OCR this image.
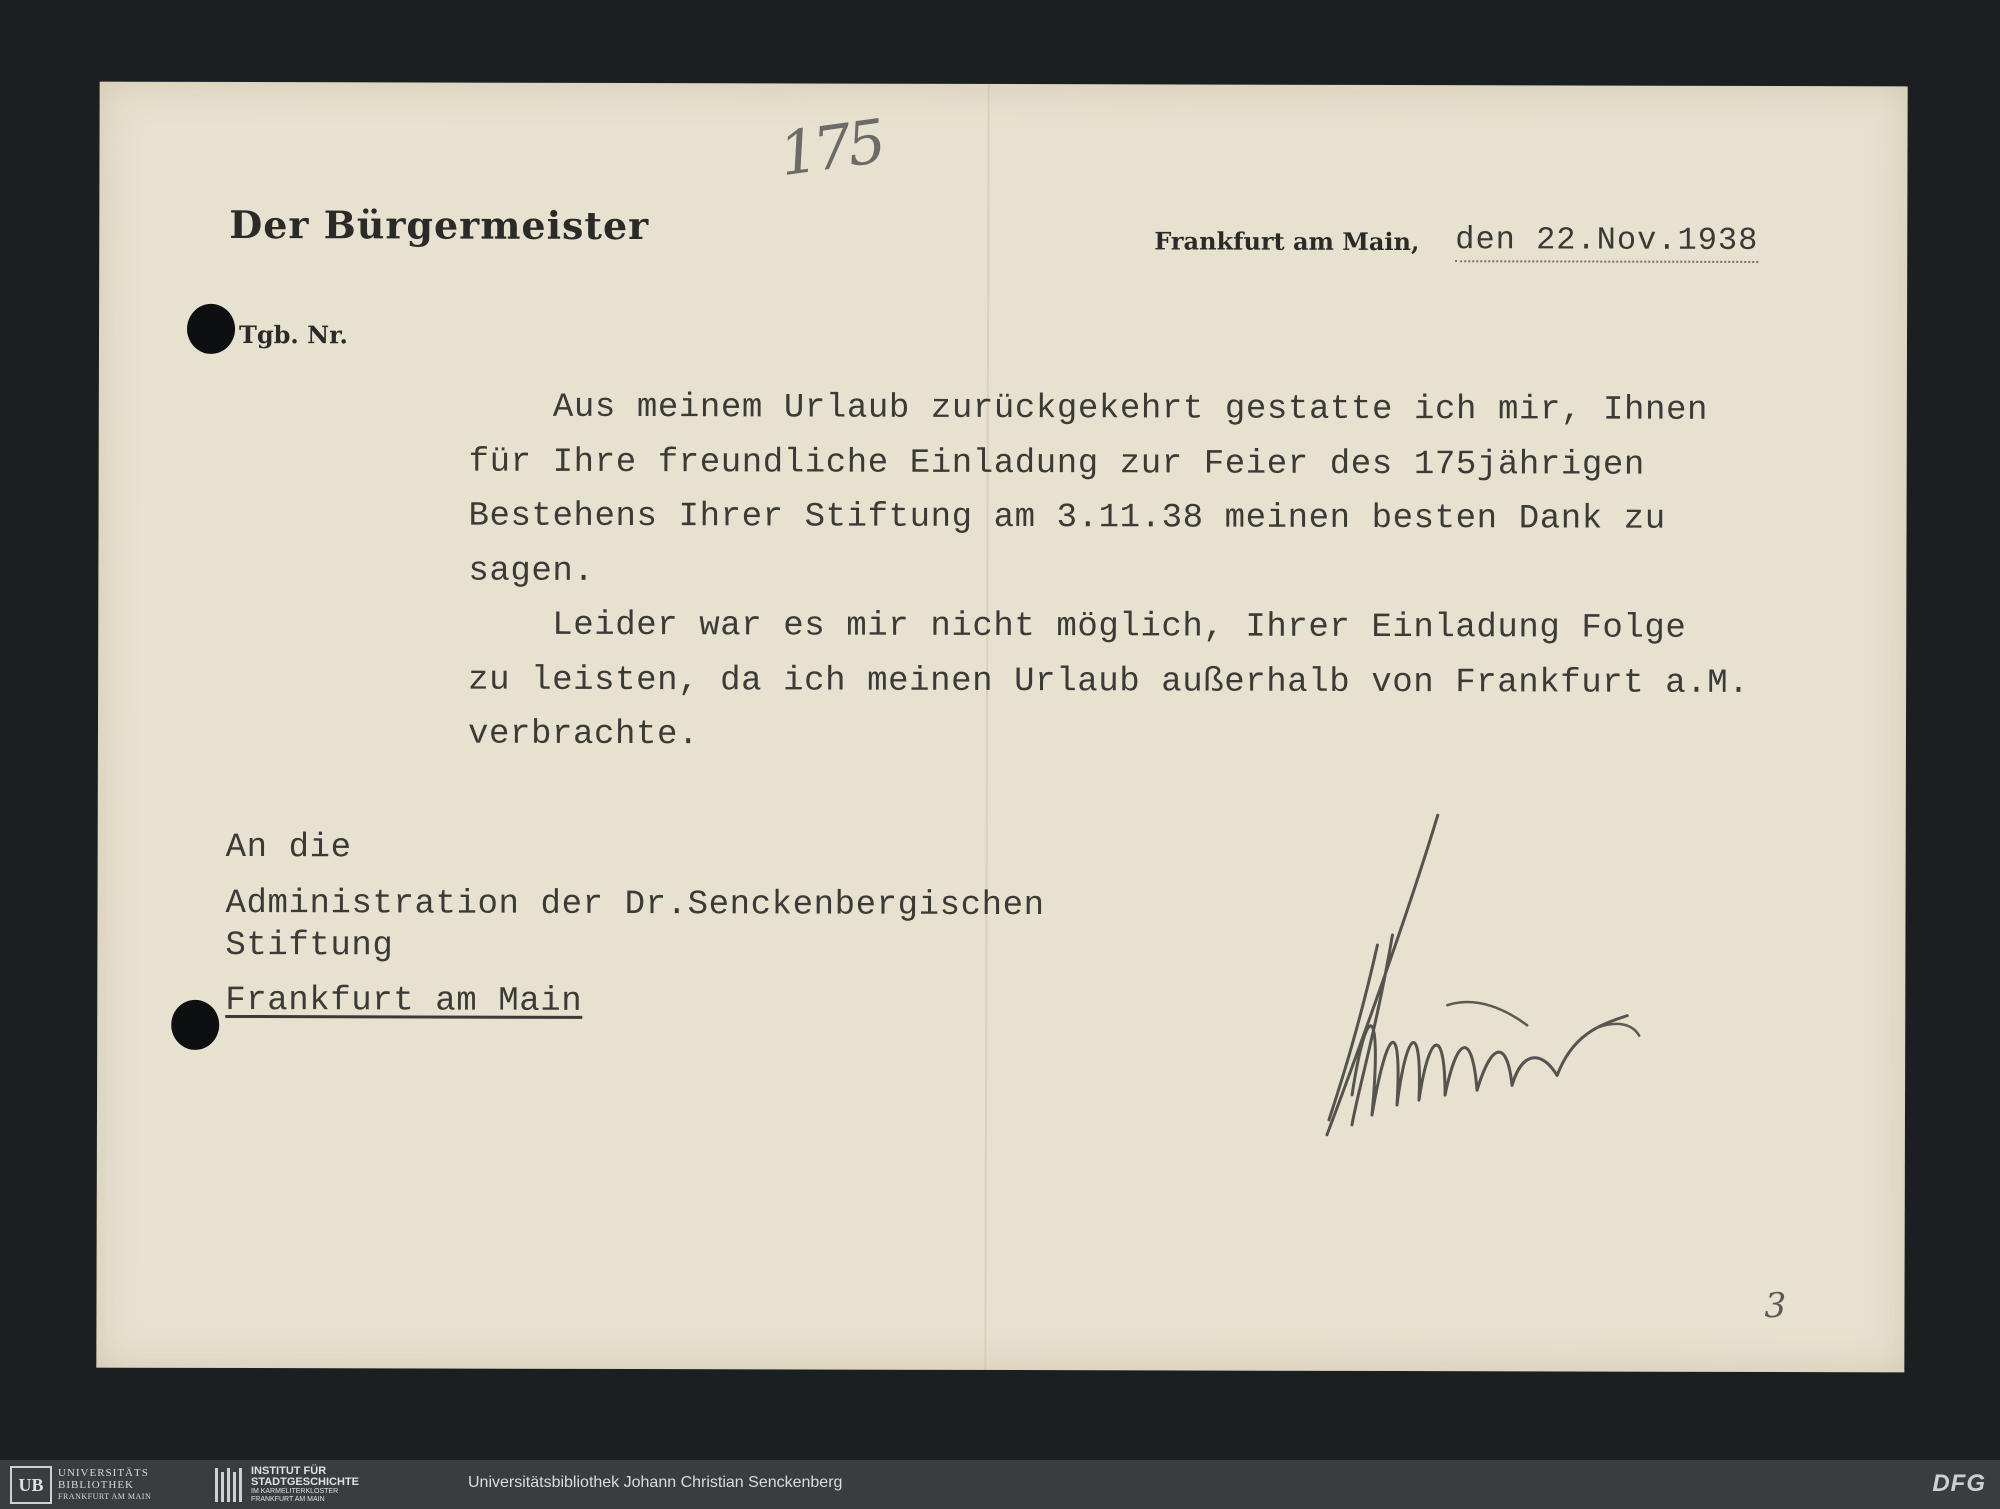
175
Der Bürgermeister	Frankfurt am Main, den 22.Nov.1938
Tgb. Nr.

Aus meinem Urlaub zurückgekehrt gestatte ich mir, Ihnen

für Ihre freundliche Einladung zur Feier des 175jährigen

Bestehens Ihrer Stiftung am 3.11.38 meinen besten Dank zu

sagen.

Leider war es mir nicht möglich, Ihrer Einladung Folge

zu leisten, da ich meinen Urlaub außerhalb von Frankfurt a.M.

verbrachte.

An die
Administration der Dr.Senckenbergischen
Stiftung
Frankfurt am Main
3
UB
UNIVERSITÄTS
BIBLIOTHEK
FRANKFURT AM MAIN
INSTITUT FÜR
STADTGESCHICHTE
IM KARMELITERKLOSTER
FRANKFURT AM MAIN
Universitätsbibliothek Johann Christian Senckenberg	DFG
